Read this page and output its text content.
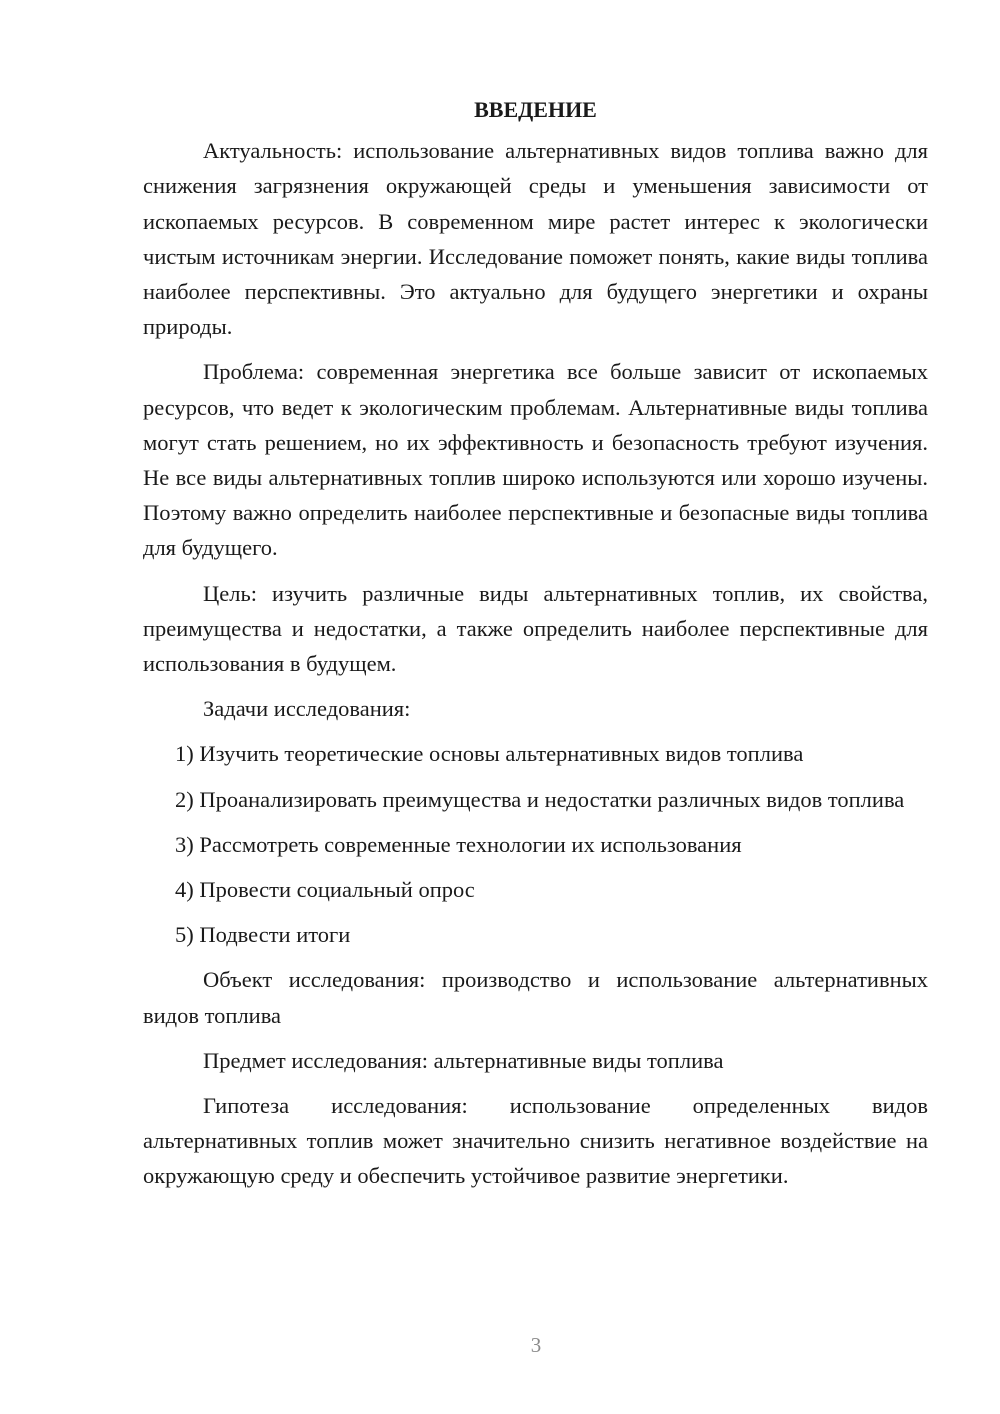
ВВЕДЕНИЕ

Актуальность: использование альтернативных видов топлива важно для снижения загрязнения окружающей среды и уменьшения зависимости от ископаемых ресурсов. В современном мире растет интерес к экологически чистым источникам энергии. Исследование поможет понять, какие виды топлива наиболее перспективны. Это актуально для будущего энергетики и охраны природы.

Проблема: современная энергетика все больше зависит от ископаемых ресурсов, что ведет к экологическим проблемам. Альтернативные виды топлива могут стать решением, но их эффективность и безопасность требуют изучения. Не все виды альтернативных топлив широко используются или хорошо изучены. Поэтому важно определить наиболее перспективные и безопасные виды топлива для будущего.

Цель: изучить различные виды альтернативных топлив, их свойства, преимущества и недостатки, а также определить наиболее перспективные для использования в будущем.

Задачи исследования:

1) Изучить теоретические основы альтернативных видов топлива

2) Проанализировать преимущества и недостатки различных видов топлива

3) Рассмотреть современные технологии их использования

4) Провести социальный опрос

5) Подвести итоги

Объект исследования: производство и использование альтернативных видов топлива

Предмет исследования: альтернативные виды топлива

Гипотеза исследования: использование определенных видов альтернативных топлив может значительно снизить негативное воздействие на окружающую среду и обеспечить устойчивое развитие энергетики.

3
